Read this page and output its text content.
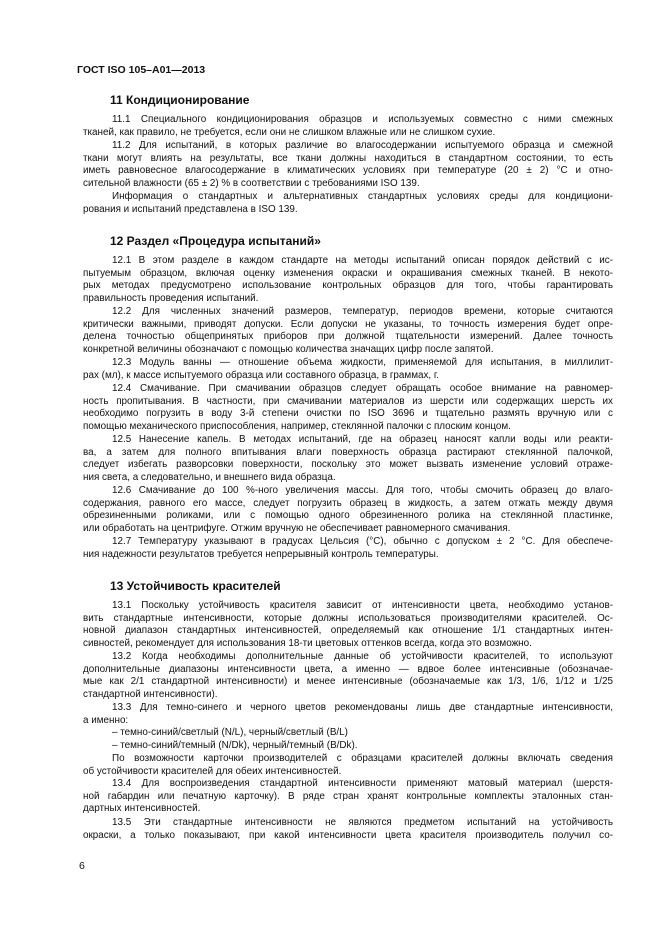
ГОСТ ISO 105–A01—2013
11 Кондиционирование
11.1 Специального кондиционирования образцов и используемых совместно с ними смежных
тканей, как правило, не требуется, если они не слишком влажные или не слишком сухие.
11.2 Для испытаний, в которых различие во влагосодержании испытуемого образца и смежной
ткани могут влиять на результаты, все ткани должны находиться в стандартном состоянии, то есть
иметь равновесное влагосодержание в климатических условиях при температуре (20 ± 2) °С и отно-
сительной влажности (65 ± 2) % в соответствии с требованиями ISO 139.
Информация о стандартных и альтернативных стандартных условиях среды для кондициони-
рования и испытаний представлена в ISO 139.
12 Раздел «Процедура испытаний»
12.1 В этом разделе в каждом стандарте на методы испытаний описан порядок действий с ис-
пытуемым образцом, включая оценку изменения окраски и окрашивания смежных тканей. В некото-
рых методах предусмотрено использование контрольных образцов для того, чтобы гарантировать
правильность проведения испытаний.
12.2 Для численных значений размеров, температур, периодов времени, которые считаются
критически важными, приводят допуски. Если допуски не указаны, то точность измерения будет опре-
делена точностью общепринятых приборов при должной тщательности измерений. Далее точность
конкретной величины обозначают с помощью количества значащих цифр после запятой.
12.3 Модуль ванны — отношение объема жидкости, применяемой для испытания, в миллилит-
рах (мл), к массе испытуемого образца или составного образца, в граммах, г.
12.4 Смачивание. При смачивании образцов следует обращать особое внимание на равномер-
ность пропитывания. В частности, при смачивании материалов из шерсти или содержащих шерсть их
необходимо погрузить в воду 3-й степени очистки по ISO 3696 и тщательно размять вручную или с
помощью механического приспособления, например, стеклянной палочки с плоским концом.
12.5 Нанесение капель. В методах испытаний, где на образец наносят капли воды или реакти-
ва, а затем для полного впитывания влаги поверхность образца растирают стеклянной палочкой,
следует избегать разворсовки поверхности, поскольку это может вызвать изменение условий отраже-
ния света, а следовательно, и внешнего вида образца.
12.6 Смачивание до 100 %-ного увеличения массы. Для того, чтобы смочить образец до влаго-
содержания, равного его массе, следует погрузить образец в жидкость, а затем отжать между двумя
обрезиненными роликами, или с помощью одного обрезиненного ролика на стеклянной пластинке,
или обработать на центрифуге. Отжим вручную не обеспечивает равномерного смачивания.
12.7 Температуру указывают в градусах Цельсия (°С), обычно с допуском ± 2 °С. Для обеспече-
ния надежности результатов требуется непрерывный контроль температуры.
13 Устойчивость красителей
13.1 Поскольку устойчивость красителя зависит от интенсивности цвета, необходимо установ-
вить стандартные интенсивности, которые должны использоваться производителями красителей. Ос-
новной диапазон стандартных интенсивностей, определяемый как отношение 1/1 стандартных интен-
сивностей, рекомендует для использования 18-ти цветовых оттенков всегда, когда это возможно.
13.2 Когда необходимы дополнительные данные об устойчивости красителей, то используют
дополнительные диапазоны интенсивности цвета, а именно — вдвое более интенсивные (обозначае-
мые как 2/1 стандартной интенсивности) и менее интенсивные (обозначаемые как 1/3, 1/6, 1/12 и 1/25
стандартной интенсивности).
13.3 Для темно-синего и черного цветов рекомендованы лишь две стандартные интенсивности,
а именно:
– темно-синий/светлый (N/L), черный/светлый (B/L)
– темно-синий/темный (N/Dk), черный/темный (B/Dk).
По возможности карточки производителей с образцами красителей должны включать сведения
об устойчивости красителей для обеих интенсивностей.
13.4 Для воспроизведения стандартной интенсивности применяют матовый материал (шерстя-
ной габардин или печатную карточку). В ряде стран хранят контрольные комплекты эталонных стан-
дартных интенсивностей.
13.5 Эти стандартные интенсивности не являются предметом испытаний на устойчивость
окраски, а только показывают, при какой интенсивности цвета красителя производитель получил со-
6
